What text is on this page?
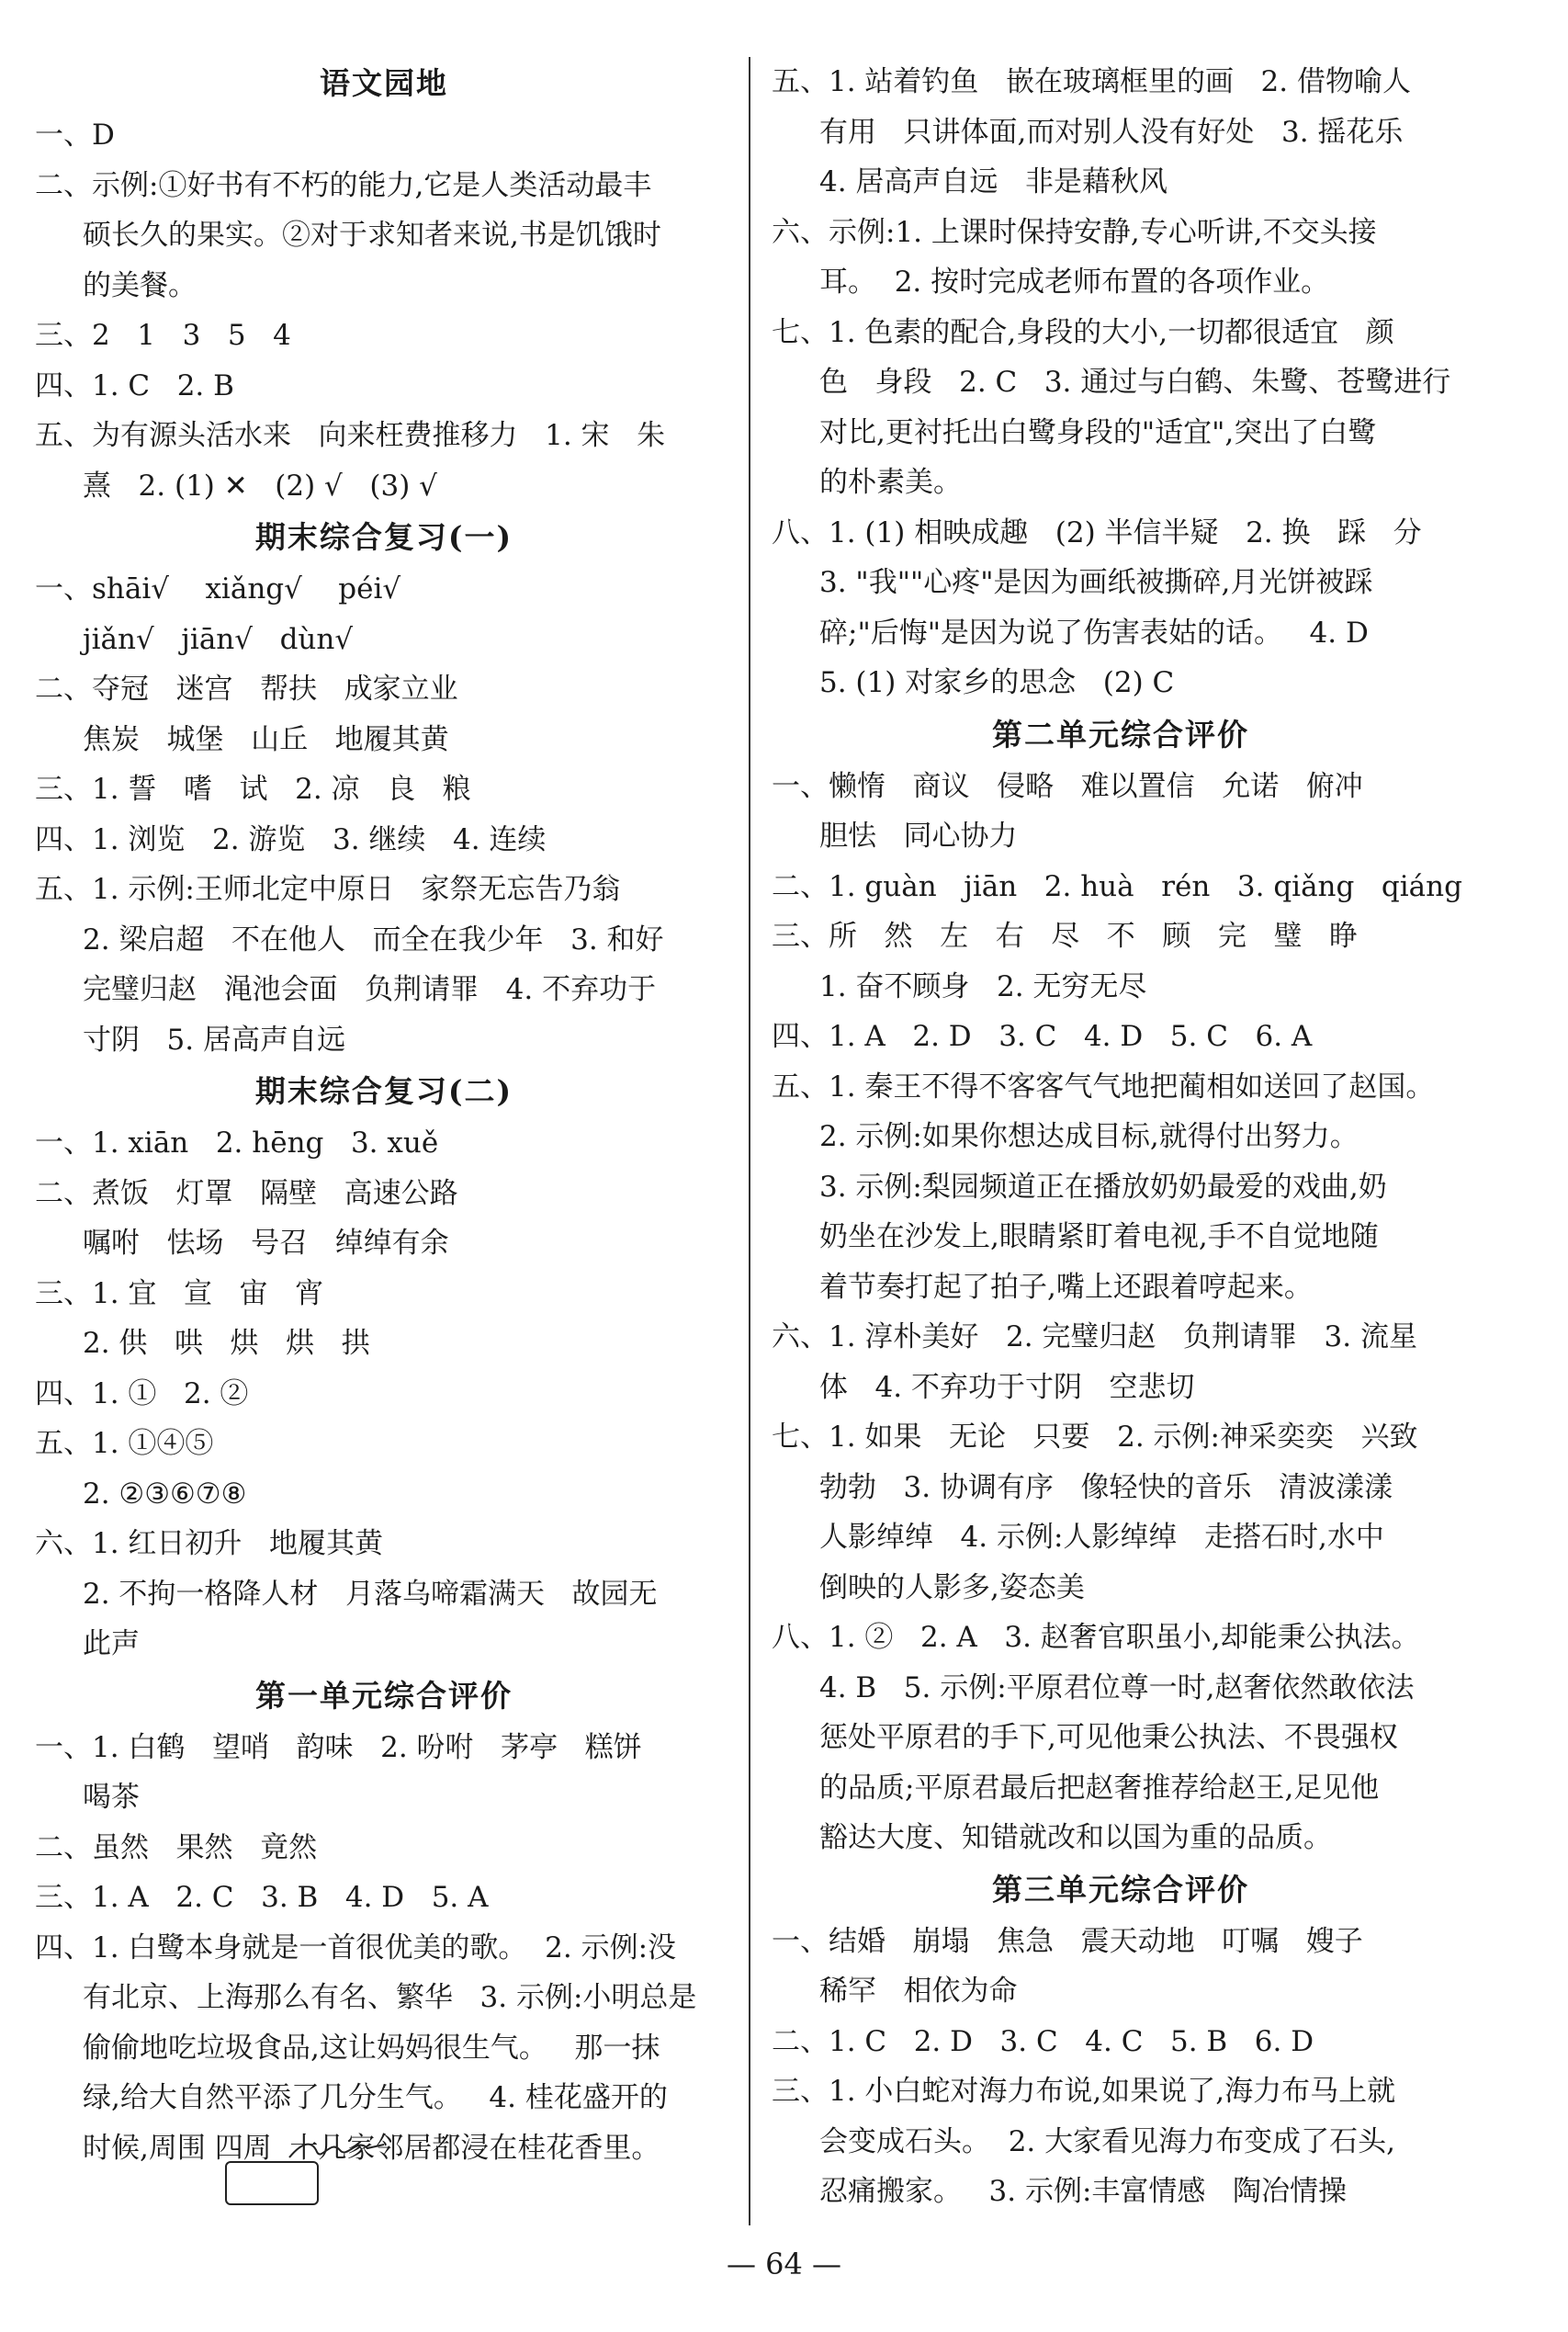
语文园地
一、D
二、示例:①好书有不朽的能力,它是人类活动最丰
硕长久的果实。②对于求知者来说,书是饥饿时
的美餐。
三、2   1   3   5   4
四、1. C   2. B
五、为有源头活水来   向来枉费推移力   1. 宋   朱
熹   2. (1) ✕   (2) √   (3) √
期末综合复习(一)
一、shāi√    xiǎng√    péi√
jiǎn√   jiān√   dùn√
二、夺冠   迷宫   帮扶   成家立业
焦炭   城堡   山丘   地履其黄
三、1. 誓   嗜   试   2. 凉   良   粮
四、1. 浏览   2. 游览   3. 继续   4. 连续
五、1. 示例:王师北定中原日   家祭无忘告乃翁
2. 梁启超   不在他人   而全在我少年   3. 和好
完璧归赵   渑池会面   负荆请罪   4. 不弃功于
寸阴   5. 居高声自远
期末综合复习(二)
一、1. xiān   2. hēng   3. xuě
二、煮饭   灯罩   隔壁   高速公路
嘱咐   怯场   号召   绰绰有余
三、1. 宜   宣   宙   宵
2. 供   哄   烘   烘   拱
四、1. ①   2. ②
五、1. ①④⑤
2. ②③⑥⑦⑧
六、1. 红日初升   地履其黄
2. 不拘一格降人材   月落乌啼霜满天   故园无
此声
第一单元综合评价
一、1. 白鹤   望哨   韵味   2. 吩咐   茅亭   糕饼
喝茶
二、虽然   果然   竟然
三、1. A   2. C   3. B   4. D   5. A
四、1. 白鹭本身就是一首很优美的歌。  2. 示例:没
有北京、上海那么有名、繁华   3. 示例:小明总是
偷偷地吃垃圾食品,这让妈妈很生气。   那一抹
绿,给大自然平添了几分生气。   4. 桂花盛开的
时候,周围 四周  十几家邻居都浸在桂花香里。
五、1. 站着钓鱼   嵌在玻璃框里的画   2. 借物喻人
有用   只讲体面,而对别人没有好处   3. 摇花乐
4. 居高声自远   非是藉秋风
六、示例:1. 上课时保持安静,专心听讲,不交头接
耳。  2. 按时完成老师布置的各项作业。
七、1. 色素的配合,身段的大小,一切都很适宜   颜
色   身段   2. C   3. 通过与白鹤、朱鹭、苍鹭进行
对比,更衬托出白鹭身段的"适宜",突出了白鹭
的朴素美。
八、1. (1) 相映成趣   (2) 半信半疑   2. 换   踩   分
3. "我""心疼"是因为画纸被撕碎,月光饼被踩
碎;"后悔"是因为说了伤害表姑的话。   4. D
5. (1) 对家乡的思念   (2) C
第二单元综合评价
一、懒惰   商议   侵略   难以置信   允诺   俯冲
胆怯   同心协力
二、1. guàn   jiān   2. huà   rén   3. qiǎng   qiáng
三、所   然   左   右   尽   不   顾   完   璧   睁
1. 奋不顾身   2. 无穷无尽
四、1. A   2. D   3. C   4. D   5. C   6. A
五、1. 秦王不得不客客气气地把蔺相如送回了赵国。
2. 示例:如果你想达成目标,就得付出努力。
3. 示例:梨园频道正在播放奶奶最爱的戏曲,奶
奶坐在沙发上,眼睛紧盯着电视,手不自觉地随
着节奏打起了拍子,嘴上还跟着哼起来。
六、1. 淳朴美好   2. 完璧归赵   负荆请罪   3. 流星
体   4. 不弃功于寸阴   空悲切
七、1. 如果   无论   只要   2. 示例:神采奕奕   兴致
勃勃   3. 协调有序   像轻快的音乐   清波漾漾
人影绰绰   4. 示例:人影绰绰   走搭石时,水中
倒映的人影多,姿态美
八、1. ②   2. A   3. 赵奢官职虽小,却能秉公执法。
4. B   5. 示例:平原君位尊一时,赵奢依然敢依法
惩处平原君的手下,可见他秉公执法、不畏强权
的品质;平原君最后把赵奢推荐给赵王,足见他
豁达大度、知错就改和以国为重的品质。
第三单元综合评价
一、结婚   崩塌   焦急   震天动地   叮嘱   嫂子
稀罕   相依为命
二、1. C   2. D   3. C   4. C   5. B   6. D
三、1. 小白蛇对海力布说,如果说了,海力布马上就
会变成石头。  2. 大家看见海力布变成了石头,
忍痛搬家。   3. 示例:丰富情感   陶冶情操
— 64 —
